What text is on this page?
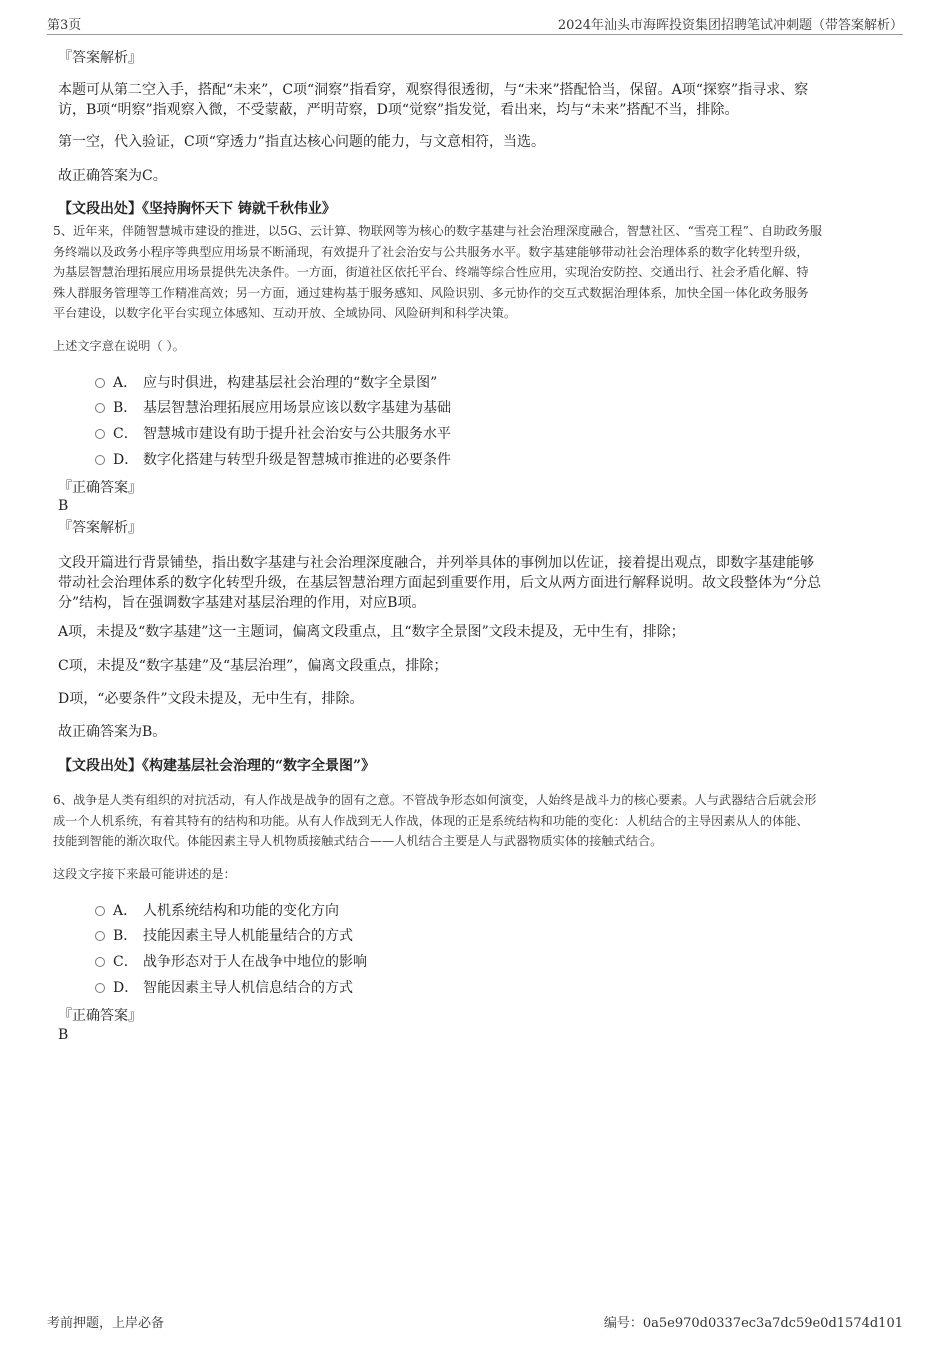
第3页	2024年汕头市海晖投资集团招聘笔试冲刺题（带答案解析）
『答案解析』
本题可从第二空入手，搭配“未来”，C项“洞察”指看穿，观察得很透彻，与“未来”搭配恰当，保留。A项“探察”指寻求、察
访，B项“明察”指观察入微，不受蒙蔽，严明苛察，D项“觉察”指发觉，看出来，均与“未来”搭配不当，排除。
第一空，代入验证，C项“穿透力”指直达核心问题的能力，与文意相符，当选。
故正确答案为C。
【文段出处】《坚持胸怀天下 铸就千秋伟业》
5、近年来，伴随智慧城市建设的推进，以5G、云计算、物联网等为核心的数字基建与社会治理深度融合，智慧社区、“雪亮工程”、自助政务服
务终端以及政务小程序等典型应用场景不断涌现，有效提升了社会治安与公共服务水平。数字基建能够带动社会治理体系的数字化转型升级，
为基层智慧治理拓展应用场景提供先决条件。一方面，街道社区依托平台、终端等综合性应用，实现治安防控、交通出行、社会矛盾化解、特
殊人群服务管理等工作精准高效；另一方面，通过建构基于服务感知、风险识别、多元协作的交互式数据治理体系，加快全国一体化政务服务
平台建设，以数字化平台实现立体感知、互动开放、全域协同、风险研判和科学决策。
上述文字意在说明（ ）。
A． 应与时俱进，构建基层社会治理的“数字全景图”
B． 基层智慧治理拓展应用场景应该以数字基建为基础
C． 智慧城市建设有助于提升社会治安与公共服务水平
D． 数字化搭建与转型升级是智慧城市推进的必要条件
『正确答案』
B
『答案解析』
文段开篇进行背景铺垫，指出数字基建与社会治理深度融合，并列举具体的事例加以佐证，接着提出观点，即数字基建能够
带动社会治理体系的数字化转型升级，在基层智慧治理方面起到重要作用，后文从两方面进行解释说明。故文段整体为“分总
分”结构，旨在强调数字基建对基层治理的作用，对应B项。
A项，未提及“数字基建”这一主题词，偏离文段重点，且“数字全景图”文段未提及，无中生有，排除；
C项，未提及“数字基建”及“基层治理”，偏离文段重点，排除；
D项，“必要条件”文段未提及，无中生有，排除。
故正确答案为B。
【文段出处】《构建基层社会治理的“数字全景图”》
6、战争是人类有组织的对抗活动，有人作战是战争的固有之意。不管战争形态如何演变，人始终是战斗力的核心要素。人与武器结合后就会形
成一个人机系统，有着其特有的结构和功能。从有人作战到无人作战，体现的正是系统结构和功能的变化：人机结合的主导因素从人的体能、
技能到智能的渐次取代。体能因素主导人机物质接触式结合——人机结合主要是人与武器物质实体的接触式结合。
这段文字接下来最可能讲述的是：
A． 人机系统结构和功能的变化方向
B． 技能因素主导人机能量结合的方式
C． 战争形态对于人在战争中地位的影响
D． 智能因素主导人机信息结合的方式
『正确答案』
B
考前押题，上岸必备	编号：0a5e970d0337ec3a7dc59e0d1574d101
